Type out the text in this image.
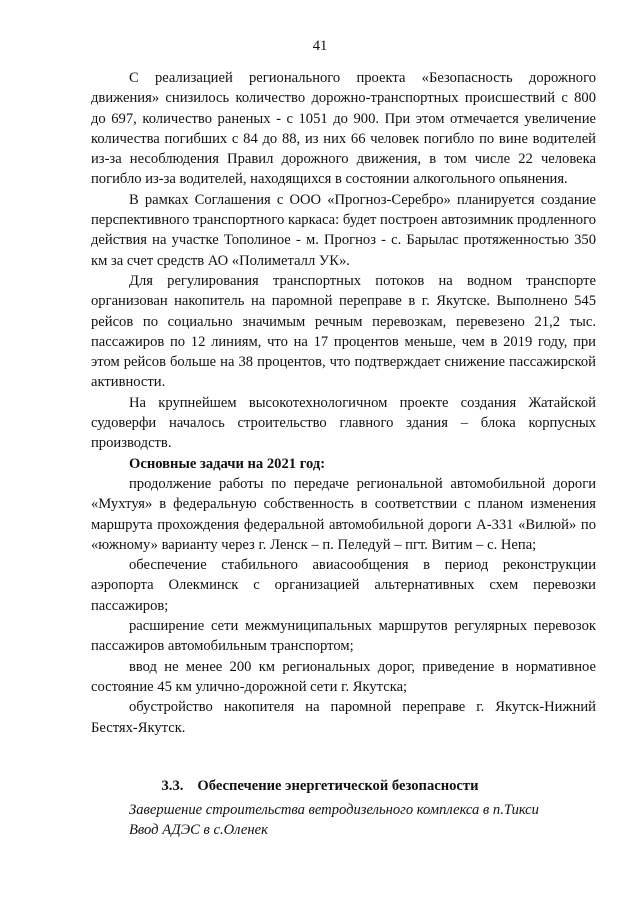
41

С реализацией регионального проекта «Безопасность дорожного движения» снизилось количество дорожно-транспортных происшествий с 800 до 697, количество раненых - с 1051 до 900. При этом отмечается увеличение количества погибших с 84 до 88, из них 66 человек погибло по вине водителей из-за несоблюдения Правил дорожного движения, в том числе 22 человека погибло из-за водителей, находящихся в состоянии алкогольного опьянения.

В рамках Соглашения с ООО «Прогноз-Серебро» планируется создание перспективного транспортного каркаса: будет построен автозимник продленного действия на участке Тополиное - м. Прогноз - с. Барылас протяженностью 350 км за счет средств АО «Полиметалл УК».

Для регулирования транспортных потоков на водном транспорте организован накопитель на паромной переправе в г. Якутске. Выполнено 545 рейсов по социально значимым речным перевозкам, перевезено 21,2 тыс. пассажиров по 12 линиям, что на 17 процентов меньше, чем в 2019 году, при этом рейсов больше на 38 процентов, что подтверждает снижение пассажирской активности.

На крупнейшем высокотехнологичном проекте создания Жатайской судоверфи началось строительство главного здания – блока корпусных производств.

Основные задачи на 2021 год:

продолжение работы по передаче региональной автомобильной дороги «Мухтуя» в федеральную собственность в соответствии с планом изменения маршрута прохождения федеральной автомобильной дороги А-331 «Вилюй» по «южному» варианту через г. Ленск – п. Пеледуй – пгт. Витим – с. Непа;

обеспечение стабильного авиасообщения в период реконструкции аэропорта Олекминск с организацией альтернативных схем перевозки пассажиров;

расширение сети межмуниципальных маршрутов регулярных перевозок пассажиров автомобильным транспортом;

ввод не менее 200 км региональных дорог, приведение в нормативное состояние 45 км улично-дорожной сети г. Якутска;

обустройство накопителя на паромной переправе г. Якутск-Нижний Бестях-Якутск.

3.3. Обеспечение энергетической безопасности
Завершение строительства ветродизельного комплекса в п.Тикси
Ввод АДЭС в с.Оленек
